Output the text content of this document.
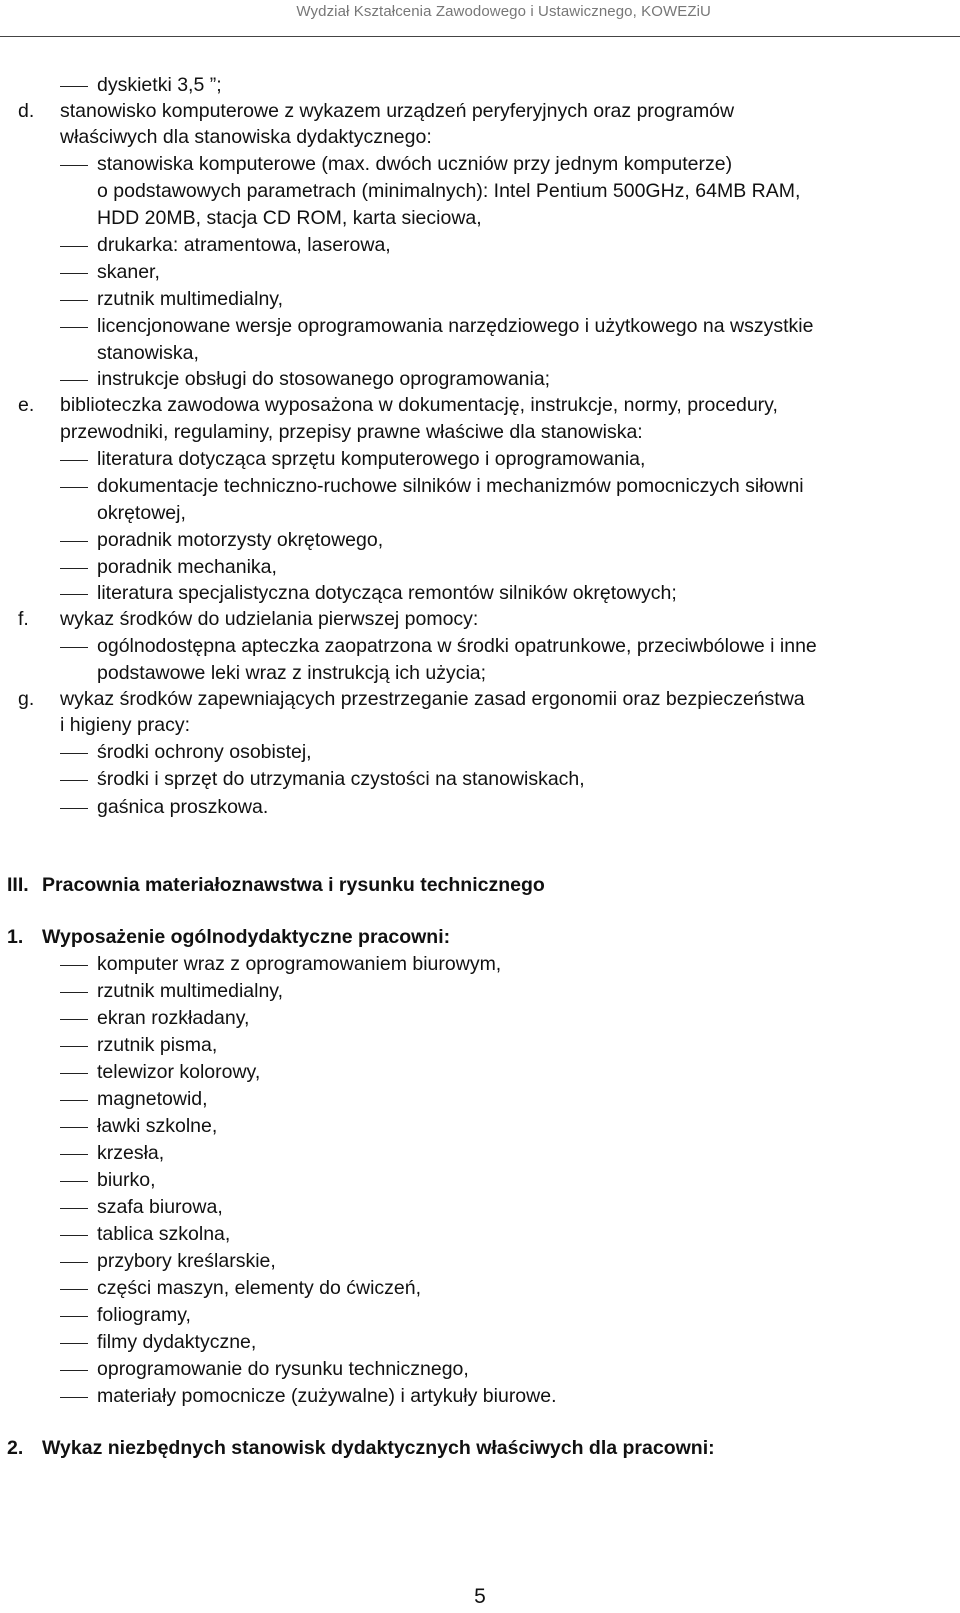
Wydział Kształcenia Zawodowego i Ustawicznego, KOWEZiU
dyskietki 3,5 ”;
d. stanowisko komputerowe z wykazem urządzeń peryferyjnych oraz programów
właściwych dla stanowiska dydaktycznego:
stanowiska komputerowe (max. dwóch uczniów przy jednym komputerze)
o podstawowych parametrach (minimalnych): Intel Pentium 500GHz, 64MB RAM,
HDD 20MB, stacja CD ROM, karta sieciowa,
drukarka: atramentowa, laserowa,
skaner,
rzutnik multimedialny,
licencjonowane wersje oprogramowania narzędziowego i użytkowego na wszystkie
stanowiska,
instrukcje obsługi do stosowanego oprogramowania;
e. biblioteczka zawodowa wyposażona w dokumentację, instrukcje, normy, procedury,
przewodniki, regulaminy, przepisy prawne właściwe dla stanowiska:
literatura dotycząca sprzętu komputerowego i oprogramowania,
dokumentacje techniczno-ruchowe silników i mechanizmów pomocniczych siłowni
okrętowej,
poradnik motorzysty okrętowego,
poradnik mechanika,
literatura specjalistyczna dotycząca remontów silników okrętowych;
f. wykaz środków do udzielania pierwszej pomocy:
ogólnodostępna apteczka zaopatrzona w środki opatrunkowe, przeciwbólowe i inne
podstawowe leki wraz z instrukcją ich użycia;
g. wykaz środków zapewniających przestrzeganie zasad ergonomii oraz bezpieczeństwa
i higieny pracy:
środki ochrony osobistej,
środki i sprzęt do utrzymania czystości na stanowiskach,
gaśnica proszkowa.
III. Pracownia materiałoznawstwa i rysunku technicznego
1. Wyposażenie ogólnodydaktyczne pracowni:
komputer wraz z oprogramowaniem biurowym,
rzutnik multimedialny,
ekran rozkładany,
rzutnik pisma,
telewizor kolorowy,
magnetowid,
ławki szkolne,
krzesła,
biurko,
szafa biurowa,
tablica szkolna,
przybory kreślarskie,
części maszyn, elementy do ćwiczeń,
foliogramy,
filmy dydaktyczne,
oprogramowanie do rysunku technicznego,
materiały pomocnicze (zużywalne) i artykuły biurowe.
2. Wykaz niezbędnych stanowisk dydaktycznych właściwych dla pracowni:
5
